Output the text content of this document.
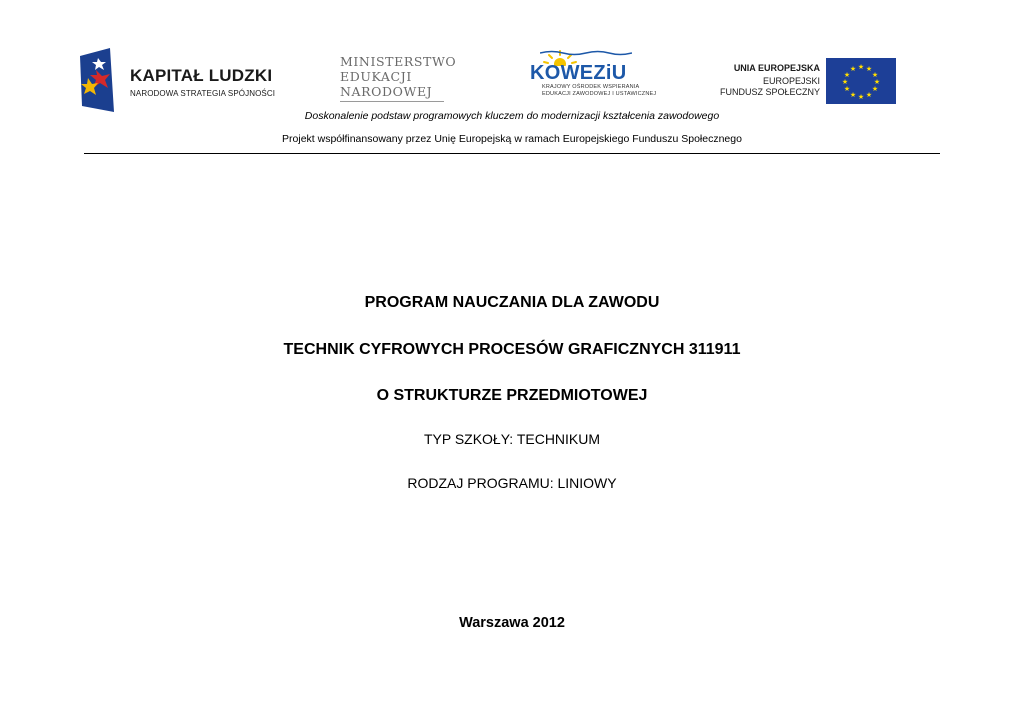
KAPITAŁ LUDZKI
NARODOWA STRATEGIA SPÓJNOŚCI
MINISTERSTWO
EDUKACJI
NARODOWEJ
KOWEZiU
KRAJOWY OŚRODEK WSPIERANIA
EDUKACJI ZAWODOWEJ I USTAWICZNEJ
UNIA EUROPEJSKA
EUROPEJSKI
FUNDUSZ SPOŁECZNY
★ ★
★
★
★
★
★
★
★
★
★
★
Doskonalenie podstaw programowych kluczem do modernizacji kształcenia zawodowego
Projekt współfinansowany przez Unię Europejską w ramach Europejskiego Funduszu Społecznego
PROGRAM NAUCZANIA DLA ZAWODU
TECHNIK CYFROWYCH PROCESÓW GRAFICZNYCH 311911
O STRUKTURZE PRZEDMIOTOWEJ
TYP SZKOŁY: TECHNIKUM
RODZAJ PROGRAMU: LINIOWY
Warszawa 2012
